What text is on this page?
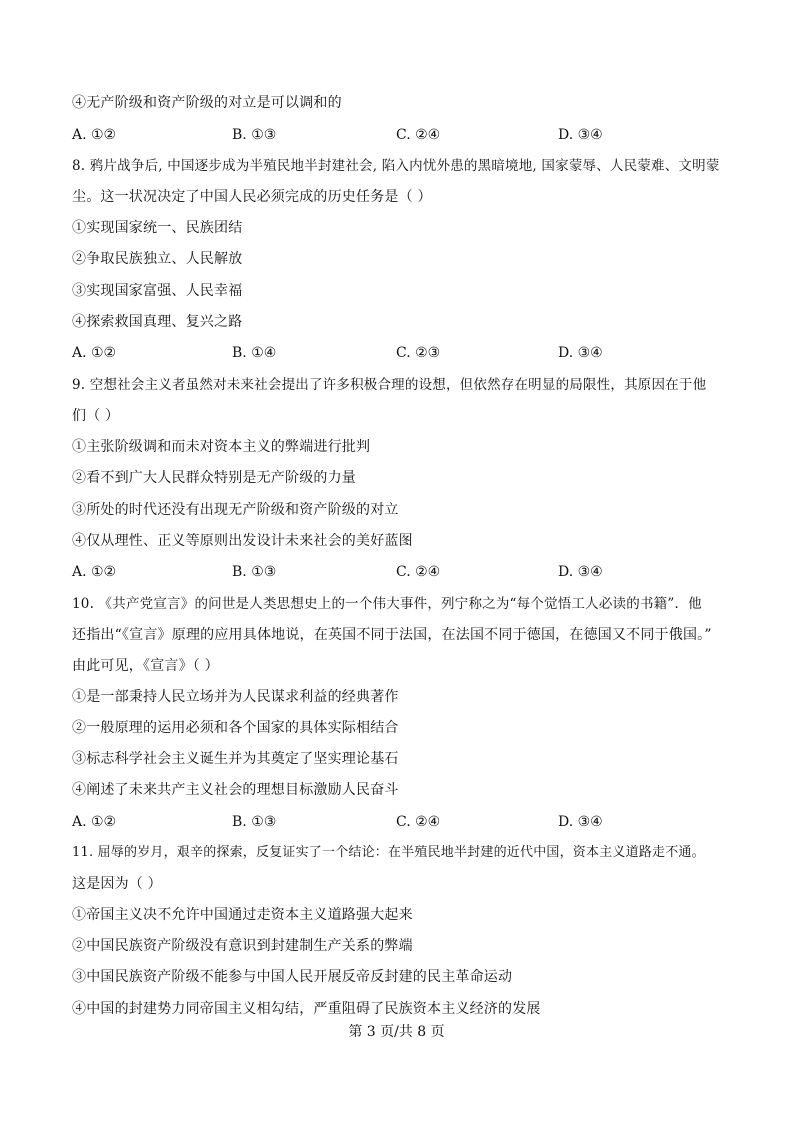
④无产阶级和资产阶级的对立是可以调和的
A. ①②	B. ①③	C. ②④	D. ③④
8. 鸦片战争后, 中国逐步成为半殖民地半封建社会, 陷入内忧外患的黑暗境地, 国家蒙辱、人民蒙难、文明蒙
尘。这一状况决定了中国人民必须完成的历史任务是（ ）
①实现国家统一、民族团结
②争取民族独立、人民解放
③实现国家富强、人民幸福
④探索救国真理、复兴之路
A. ①②	B. ①④	C. ②③	D. ③④
9. 空想社会主义者虽然对未来社会提出了许多积极合理的设想，但依然存在明显的局限性，其原因在于他
们（ ）
①主张阶级调和而未对资本主义的弊端进行批判
②看不到广大人民群众特别是无产阶级的力量
③所处的时代还没有出现无产阶级和资产阶级的对立
④仅从理性、正义等原则出发设计未来社会的美好蓝图
A. ①②	B. ①③	C. ②④	D. ③④
10. 《共产党宣言》的问世是人类思想史上的一个伟大事件，列宁称之为“每个觉悟工人必读的书籍”．他
还指出“《宣言》原理的应用具体地说，在英国不同于法国，在法国不同于德国，在德国又不同于俄国。”
由此可见，《宣言》（ ）
①是一部秉持人民立场并为人民谋求利益的经典著作
②一般原理的运用必须和各个国家的具体实际相结合
③标志科学社会主义诞生并为其奠定了坚实理论基石
④阐述了未来共产主义社会的理想目标激励人民奋斗
A. ①②	B. ①③	C. ②④	D. ③④
11. 屈辱的岁月，艰辛的探索，反复证实了一个结论：在半殖民地半封建的近代中国，资本主义道路走不通。
这是因为（ ）
①帝国主义决不允许中国通过走资本主义道路强大起来
②中国民族资产阶级没有意识到封建制生产关系的弊端
③中国民族资产阶级不能参与中国人民开展反帝反封建的民主革命运动
④中国的封建势力同帝国主义相勾结，严重阻碍了民族资本主义经济的发展
第 3 页/共 8 页
